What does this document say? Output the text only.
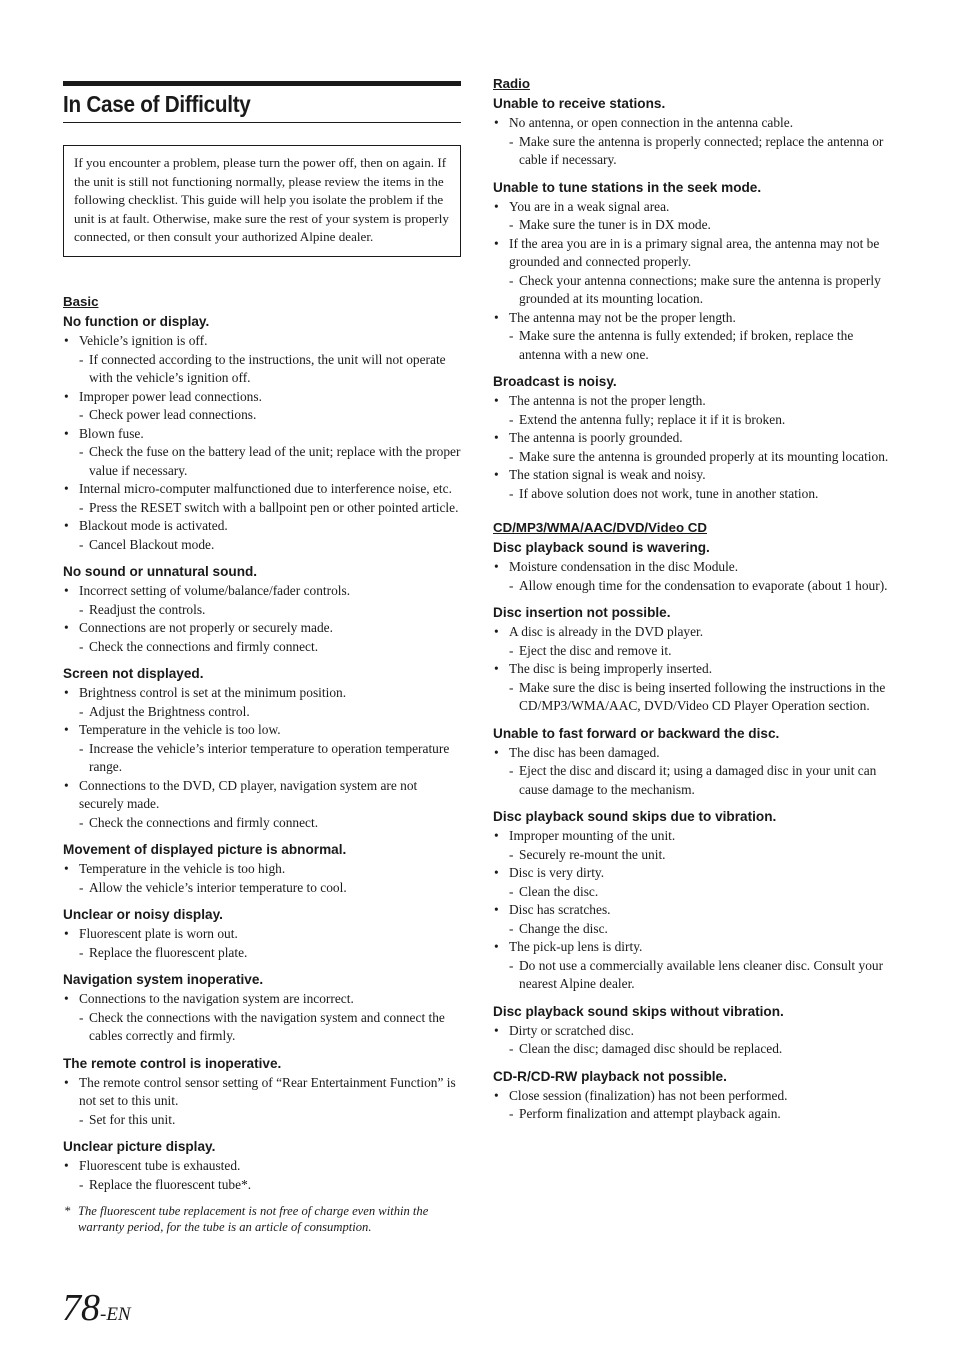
In Case of Difficulty
If you encounter a problem, please turn the power off, then on again. If the unit is still not functioning normally, please review the items in the following checklist. This guide will help you isolate the problem if the unit is at fault. Otherwise, make sure the rest of your system is properly connected, or then consult your authorized Alpine dealer.
Basic
No function or display.
• Vehicle’s ignition is off.
- If connected according to the instructions, the unit will not operate with the vehicle’s ignition off.
• Improper power lead connections.
- Check power lead connections.
• Blown fuse.
- Check the fuse on the battery lead of the unit; replace with the proper value if necessary.
• Internal micro-computer malfunctioned due to interference noise, etc.
- Press the RESET switch with a ballpoint pen or other pointed article.
• Blackout mode is activated.
- Cancel Blackout mode.
No sound or unnatural sound.
• Incorrect setting of volume/balance/fader controls.
- Readjust the controls.
• Connections are not properly or securely made.
- Check the connections and firmly connect.
Screen not displayed.
• Brightness control is set at the minimum position.
- Adjust the Brightness control.
• Temperature in the vehicle is too low.
- Increase the vehicle’s interior temperature to operation temperature range.
• Connections to the DVD, CD player, navigation system are not securely made.
- Check the connections and firmly connect.
Movement of displayed picture is abnormal.
• Temperature in the vehicle is too high.
- Allow the vehicle’s interior temperature to cool.
Unclear or noisy display.
• Fluorescent plate is worn out.
- Replace the fluorescent plate.
Navigation system inoperative.
• Connections to the navigation system are incorrect.
- Check the connections with the navigation system and connect the cables correctly and firmly.
The remote control is inoperative.
• The remote control sensor setting of “Rear Entertainment Function” is not set to this unit.
- Set for this unit.
Unclear picture display.
• Fluorescent tube is exhausted.
- Replace the fluorescent tube*.
* The fluorescent tube replacement is not free of charge even within the warranty period, for the tube is an article of consumption.
Radio
Unable to receive stations.
• No antenna, or open connection in the antenna cable.
- Make sure the antenna is properly connected; replace the antenna or cable if necessary.
Unable to tune stations in the seek mode.
• You are in a weak signal area.
- Make sure the tuner is in DX mode.
• If the area you are in is a primary signal area, the antenna may not be grounded and connected properly.
- Check your antenna connections; make sure the antenna is properly grounded at its mounting location.
• The antenna may not be the proper length.
- Make sure the antenna is fully extended; if broken, replace the antenna with a new one.
Broadcast is noisy.
• The antenna is not the proper length.
- Extend the antenna fully; replace it if it is broken.
• The antenna is poorly grounded.
- Make sure the antenna is grounded properly at its mounting location.
• The station signal is weak and noisy.
- If above solution does not work, tune in another station.
CD/MP3/WMA/AAC/DVD/Video CD
Disc playback sound is wavering.
• Moisture condensation in the disc Module.
- Allow enough time for the condensation to evaporate (about 1 hour).
Disc insertion not possible.
• A disc is already in the DVD player.
- Eject the disc and remove it.
• The disc is being improperly inserted.
- Make sure the disc is being inserted following the instructions in the CD/MP3/WMA/AAC, DVD/Video CD Player Operation section.
Unable to fast forward or backward the disc.
• The disc has been damaged.
- Eject the disc and discard it; using a damaged disc in your unit can cause damage to the mechanism.
Disc playback sound skips due to vibration.
• Improper mounting of the unit.
- Securely re-mount the unit.
• Disc is very dirty.
- Clean the disc.
• Disc has scratches.
- Change the disc.
• The pick-up lens is dirty.
- Do not use a commercially available lens cleaner disc. Consult your nearest Alpine dealer.
Disc playback sound skips without vibration.
• Dirty or scratched disc.
- Clean the disc; damaged disc should be replaced.
CD-R/CD-RW playback not possible.
• Close session (finalization) has not been performed.
- Perform finalization and attempt playback again.
78-EN
